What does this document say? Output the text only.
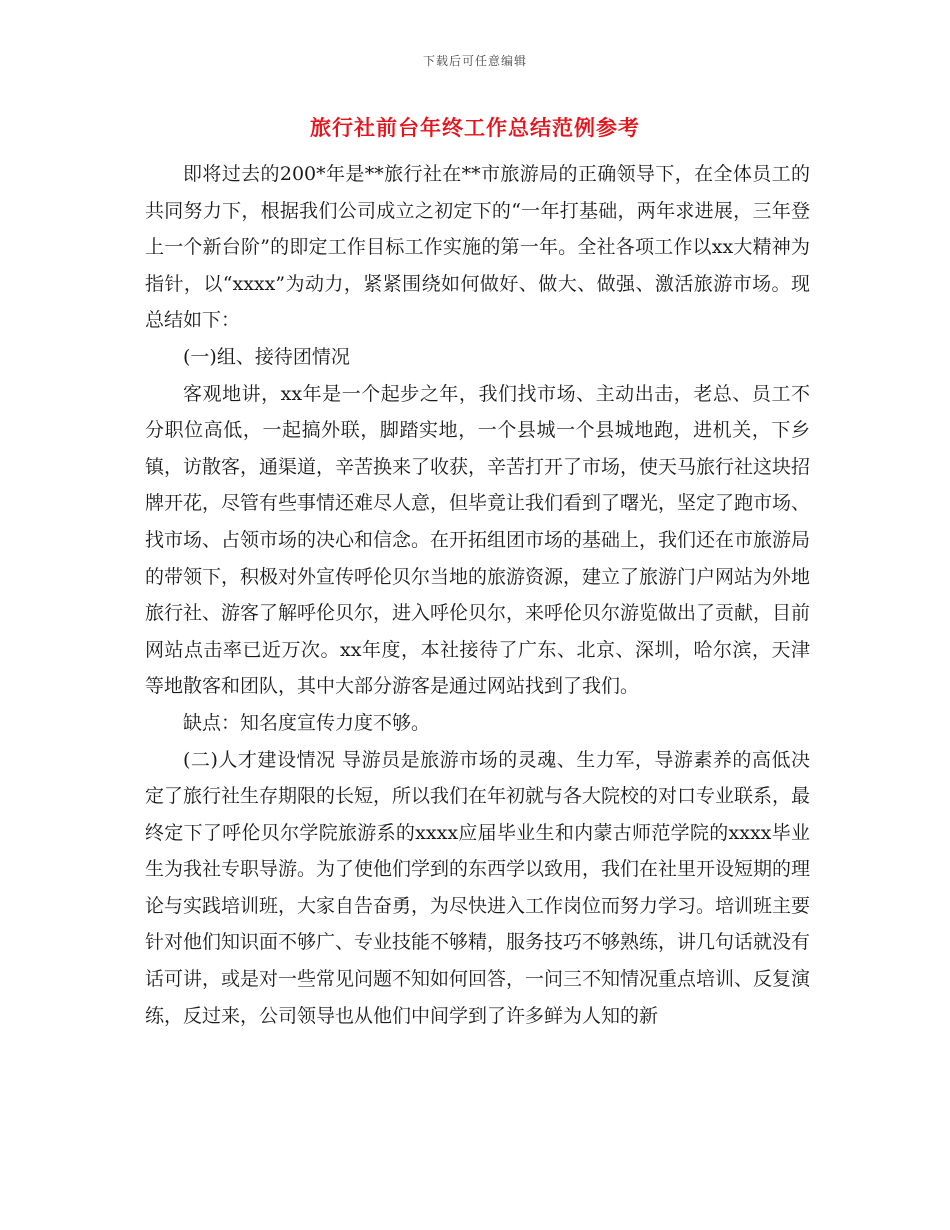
下载后可任意编辑
旅行社前台年终工作总结范例参考

即将过去的200*年是**旅行社在**市旅游局的正确领导下，在全体员工的共同努力下，根据我们公司成立之初定下的“一年打基础，两年求进展，三年登上一个新台阶”的即定工作目标工作实施的第一年。全社各项工作以xx大精神为指针，以“xxxx”为动力，紧紧围绕如何做好、做大、做强、激活旅游市场。现总结如下：

(一)组、接待团情况

客观地讲，xx年是一个起步之年，我们找市场、主动出击，老总、员工不分职位高低，一起搞外联，脚踏实地，一个县城一个县城地跑，进机关，下乡镇，访散客，通渠道，辛苦换来了收获，辛苦打开了市场，使天马旅行社这块招牌开花，尽管有些事情还难尽人意，但毕竟让我们看到了曙光，坚定了跑市场、找市场、占领市场的决心和信念。在开拓组团市场的基础上，我们还在市旅游局的带领下，积极对外宣传呼伦贝尔当地的旅游资源，建立了旅游门户网站为外地旅行社、游客了解呼伦贝尔，进入呼伦贝尔，来呼伦贝尔游览做出了贡献，目前网站点击率已近万次。xx年度，本社接待了广东、北京、深圳，哈尔滨，天津等地散客和团队，其中大部分游客是通过网站找到了我们。

缺点：知名度宣传力度不够。

(二)人才建设情况 导游员是旅游市场的灵魂、生力军，导游素养的高低决定了旅行社生存期限的长短，所以我们在年初就与各大院校的对口专业联系，最终定下了呼伦贝尔学院旅游系的xxxx应届毕业生和内蒙古师范学院的xxxx毕业生为我社专职导游。为了使他们学到的东西学以致用，我们在社里开设短期的理论与实践培训班，大家自告奋勇，为尽快进入工作岗位而努力学习。培训班主要针对他们知识面不够广、专业技能不够精，服务技巧不够熟练，讲几句话就没有话可讲，或是对一些常见问题不知如何回答，一问三不知情况重点培训、反复演练，反过来，公司领导也从他们中间学到了许多鲜为人知的新
